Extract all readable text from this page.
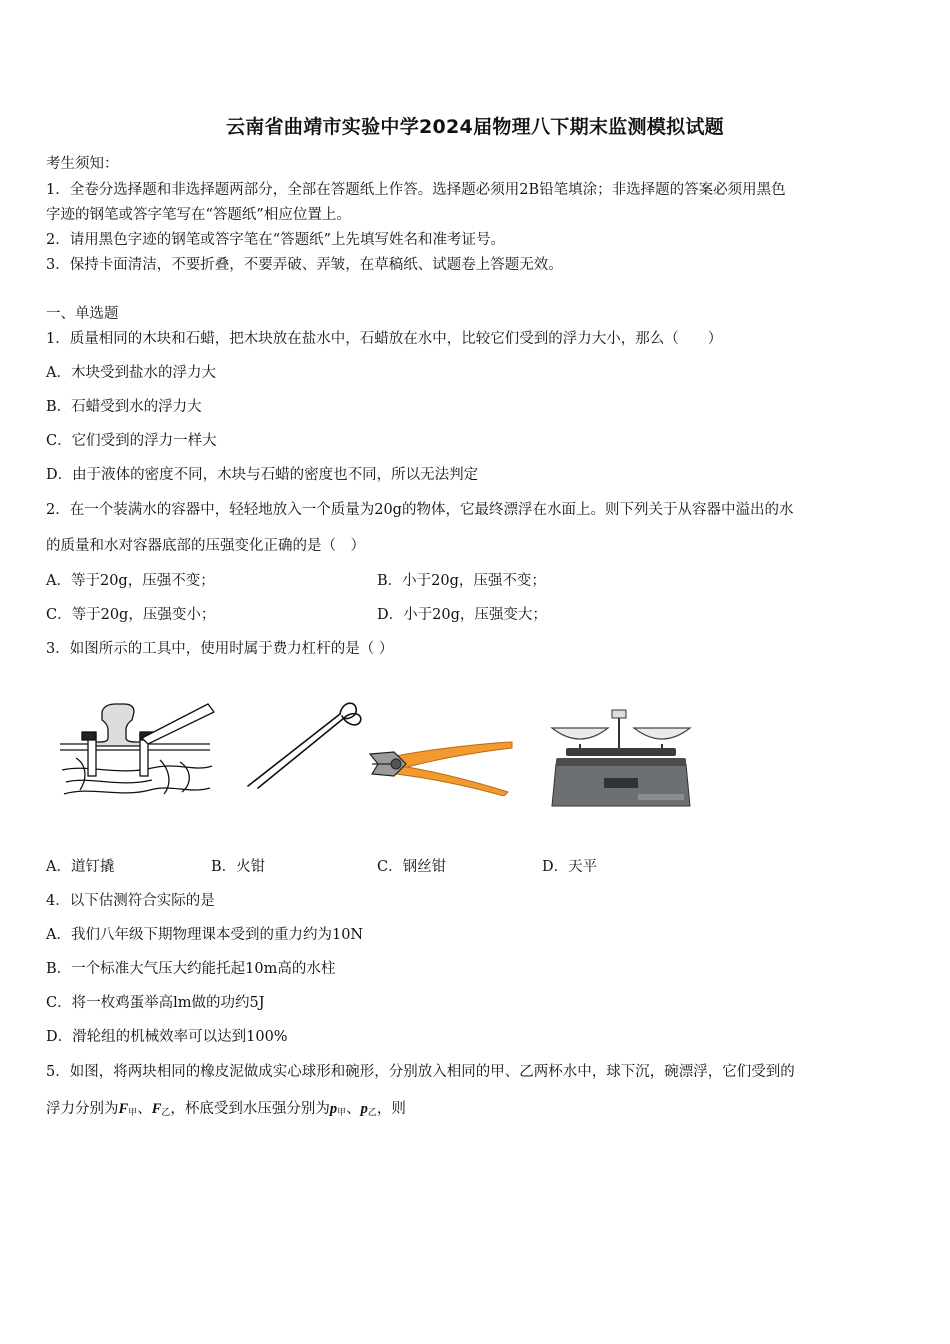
云南省曲靖市实验中学2024届物理八下期末监测模拟试题
考生须知：
1．全卷分选择题和非选择题两部分，全部在答题纸上作答。选择题必须用2B铅笔填涂；非选择题的答案必须用黑色
字迹的钢笔或答字笔写在“答题纸”相应位置上。
2．请用黑色字迹的钢笔或答字笔在“答题纸”上先填写姓名和准考证号。
3．保持卡面清洁，不要折叠，不要弄破、弄皱，在草稿纸、试题卷上答题无效。
一、单选题
1．质量相同的木块和石蜡，把木块放在盐水中，石蜡放在水中，比较它们受到的浮力大小，那么（　　）
A．木块受到盐水的浮力大
B．石蜡受到水的浮力大
C．它们受到的浮力一样大
D．由于液体的密度不同，木块与石蜡的密度也不同，所以无法判定
2．在一个装满水的容器中，轻轻地放入一个质量为20g的物体，它最终漂浮在水面上。则下列关于从容器中溢出的水
的质量和水对容器底部的压强变化正确的是（　）
A．等于20g，压强不变；	B．小于20g，压强不变；
C．等于20g，压强变小；	D．小于20g，压强变大；
3．如图所示的工具中，使用时属于费力杠杆的是（ ）
A．道钉撬	B．火钳	C．钢丝钳	D．天平
4．以下估测符合实际的是
A．我们八年级下期物理课本受到的重力约为10N
B．一个标准大气压大约能托起10m高的水柱
C．将一枚鸡蛋举高lm做的功约5J
D．滑轮组的机械效率可以达到100%
5．如图，将两块相同的橡皮泥做成实心球形和碗形，分别放入相同的甲、乙两杯水中，球下沉，碗漂浮，它们受到的
浮力分别为$F_甲$、$F_乙$，杯底受到水压强分别为$p_甲$、$p_乙$，则
